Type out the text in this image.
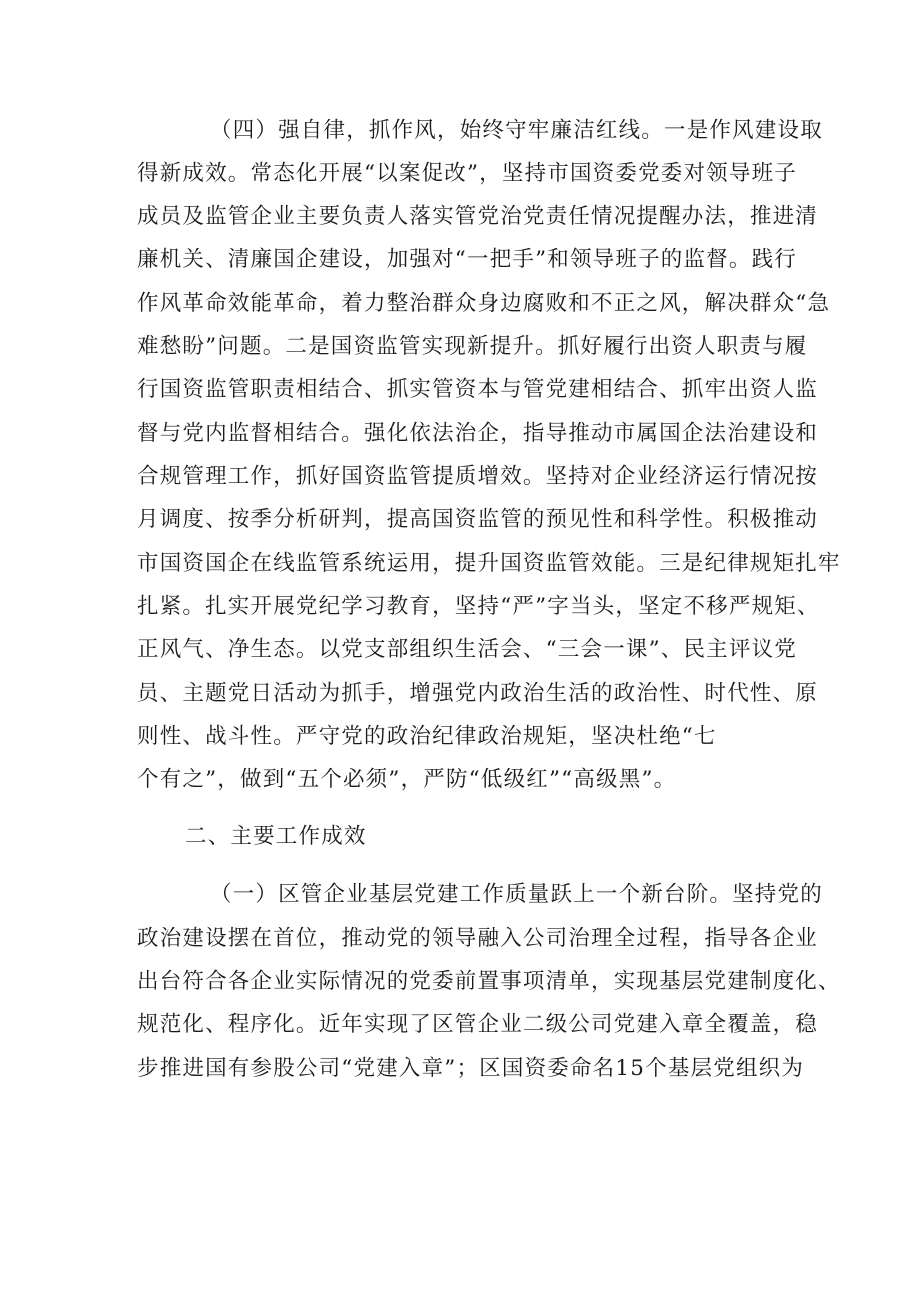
（四）强自律，抓作风，始终守牢廉洁红线。一是作风建设取
得新成效。常态化开展“以案促改”，坚持市国资委党委对领导班子
成员及监管企业主要负责人落实管党治党责任情况提醒办法，推进清
廉机关、清廉国企建设，加强对“一把手”和领导班子的监督。践行
作风革命效能革命，着力整治群众身边腐败和不正之风，解决群众“急
难愁盼”问题。二是国资监管实现新提升。抓好履行出资人职责与履
行国资监管职责相结合、抓实管资本与管党建相结合、抓牢出资人监
督与党内监督相结合。强化依法治企，指导推动市属国企法治建设和
合规管理工作，抓好国资监管提质增效。坚持对企业经济运行情况按
月调度、按季分析研判，提高国资监管的预见性和科学性。积极推动
市国资国企在线监管系统运用，提升国资监管效能。三是纪律规矩扎牢
扎紧。扎实开展党纪学习教育，坚持“严”字当头，坚定不移严规矩、
正风气、净生态。以党支部组织生活会、“三会一课”、民主评议党
员、主题党日活动为抓手，增强党内政治生活的政治性、时代性、原
则性、战斗性。严守党的政治纪律政治规矩，坚决杜绝“七
个有之”，做到“五个必须”，严防“低级红”“高级黑”。
二、主要工作成效
（一）区管企业基层党建工作质量跃上一个新台阶。坚持党的
政治建设摆在首位，推动党的领导融入公司治理全过程，指导各企业
出台符合各企业实际情况的党委前置事项清单，实现基层党建制度化、
规范化、程序化。近年实现了区管企业二级公司党建入章全覆盖，稳
步推进国有参股公司“党建入章”；区国资委命名15个基层党组织为
